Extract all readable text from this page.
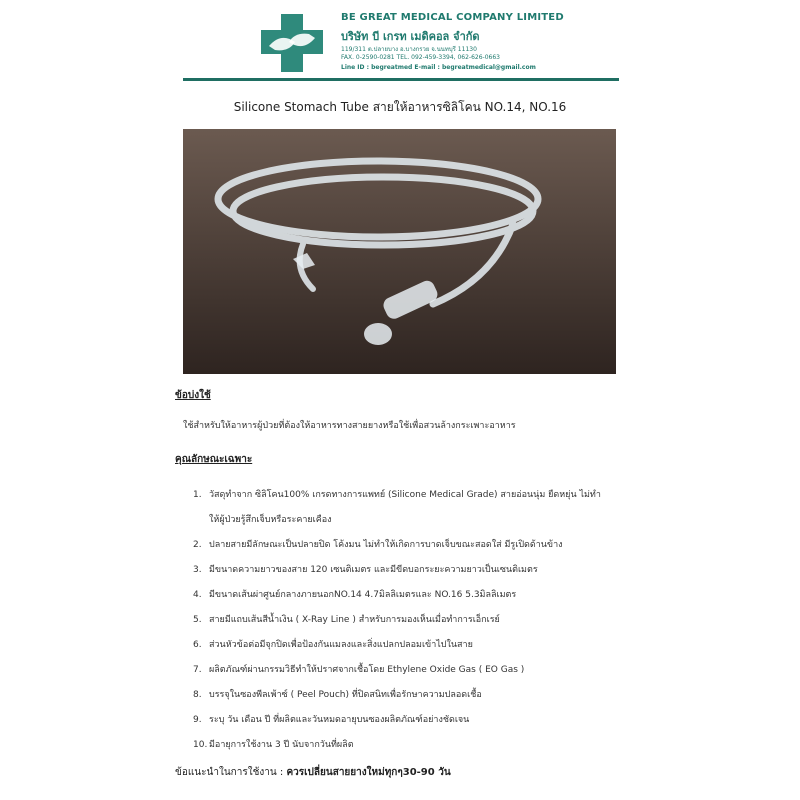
BE GREAT MEDICAL COMPANY LIMITED
บริษัท บี เกรท เมดิคอล จำกัด
119/311 ต.ปลายบาง อ.บางกรวย จ.นนทบุรี 11130
FAX. 0-2590-0281 TEL. 092-459-3394, 062-626-0663
Line ID : begreatmed E-mail : begreatmedical@gmail.com
Silicone Stomach Tube สายให้อาหารซิลิโคน NO.14, NO.16
ข้อบ่งใช้
ใช้สำหรับให้อาหารผู้ป่วยที่ต้องให้อาหารทางสายยางหรือใช้เพื่อสวนล้างกระเพาะอาหาร
คุณลักษณะเฉพาะ
1. วัสดุทำจาก ซิลิโคน100% เกรดทางการแพทย์ (Silicone Medical Grade) สายอ่อนนุ่ม ยืดหยุ่น ไม่ทำ
ให้ผู้ป่วยรู้สึกเจ็บหรือระคายเคือง
2. ปลายสายมีลักษณะเป็นปลายปิด โค้งมน ไม่ทำให้เกิดการบาดเจ็บขณะสอดใส่ มีรูเปิดด้านข้าง
3. มีขนาดความยาวของสาย 120 เซนติเมตร และมีขีดบอกระยะความยาวเป็นเซนติเมตร
4. มีขนาดเส้นผ่าศูนย์กลางภายนอกNO.14 4.7มิลลิเมตรและ NO.16 5.3มิลลิเมตร
5. สายมีแถบเส้นสีน้ำเงิน ( X-Ray Line ) สำหรับการมองเห็นเมื่อทำการเอ็กเรย์
6. ส่วนหัวข้อต่อมีจุกปิดเพื่อป้องกันแมลงและสิ่งแปลกปลอมเข้าไปในสาย
7. ผลิตภัณฑ์ผ่านกรรมวิธีทำให้ปราศจากเชื้อโดย Ethylene Oxide Gas ( EO Gas )
8. บรรจุในซองพีลเพ้าซ์ ( Peel Pouch) ที่ปิดสนิทเพื่อรักษาความปลอดเชื้อ
9. ระบุ วัน เดือน ปี ที่ผลิตและวันหมดอายุบนซองผลิตภัณฑ์อย่างชัดเจน
10. มีอายุการใช้งาน 3 ปี นับจากวันที่ผลิต
ข้อแนะนำในการใช้งาน : ควรเปลี่ยนสายยางใหม่ทุกๆ30-90 วัน
